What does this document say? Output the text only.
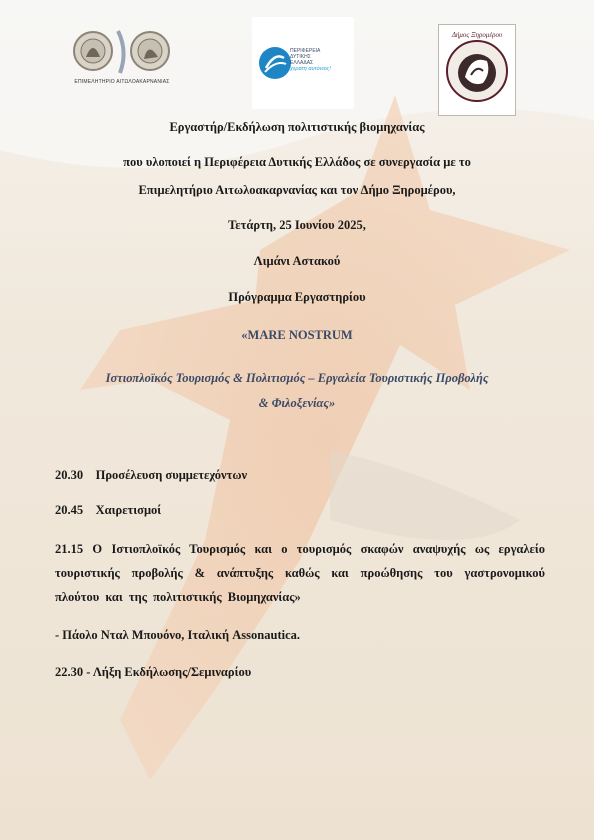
ΕΠΙΜΕΛΗΤΗΡΙΟ ΑΙΤΩΛΟΑΚΑΡΝΑΝΙΑΣ
ΠΕΡΙΦΕΡΕΙΑ
ΔΥΤΙΚΗΣ
ΕΛΛΑΔΑΣ
χέρατη αυτόνιος!
Δήμος Ξηρομέρου
Εργαστήρ/Εκδήλωση πολιτιστικής βιομηχανίας
που υλοποιεί η Περιφέρεια Δυτικής Ελλάδος σε συνεργασία με το
Επιμελητήριο Αιτωλοακαρνανίας και τον Δήμο Ξηρομέρου,
Τετάρτη, 25 Ιουνίου 2025,
Λιμάνι Αστακού
Πρόγραμμα Εργαστηρίου
«MARE NOSTRUM
Ιστιοπλοϊκός Τουρισμός & Πολιτισμός – Εργαλεία Τουριστικής Προβολής
& Φιλοξενίας»
20.30    Προσέλευση συμμετεχόντων
20.45    Χαιρετισμοί
21.15 Ο Ιστιοπλοϊκός Τουρισμός και ο τουρισμός σκαφών αναψυχής ως εργαλείο τουριστικής προβολής & ανάπτυξης καθώς και προώθησης του γαστρονομικού πλούτου και της πολιτιστικής Βιομηχανίας»
- Πάολο Νταλ Μπουόνο, Ιταλική Assonautica.
22.30 - Λήξη Εκδήλωσης/Σεμιναρίου
